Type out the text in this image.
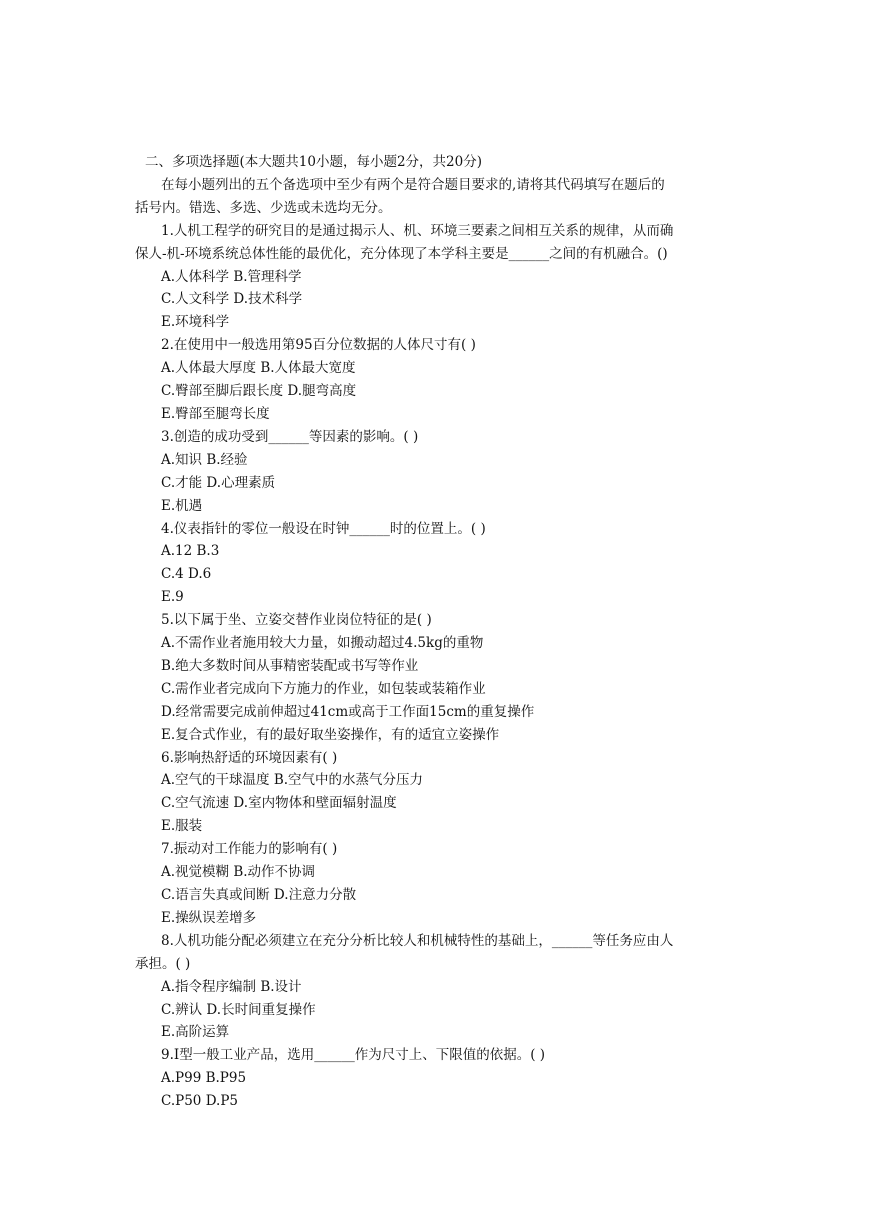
二、多项选择题(本大题共10小题，每小题2分，共20分)
在每小题列出的五个备选项中至少有两个是符合题目要求的,请将其代码填写在题后的
括号内。错选、多选、少选或未选均无分。
1.人机工程学的研究目的是通过揭示人、机、环境三要素之间相互关系的规律，从而确
保人-机-环境系统总体性能的最优化，充分体现了本学科主要是______之间的有机融合。()
A.人体科学 B.管理科学
C.人文科学 D.技术科学
E.环境科学
2.在使用中一般选用第95百分位数据的人体尺寸有( )
A.人体最大厚度 B.人体最大宽度
C.臀部至脚后跟长度 D.腿弯高度
E.臀部至腿弯长度
3.创造的成功受到______等因素的影响。( )
A.知识 B.经验
C.才能 D.心理素质
E.机遇
4.仪表指针的零位一般设在时钟______时的位置上。( )
A.12 B.3
C.4 D.6
E.9
5.以下属于坐、立姿交替作业岗位特征的是( )
A.不需作业者施用较大力量，如搬动超过4.5kg的重物
B.绝大多数时间从事精密装配或书写等作业
C.需作业者完成向下方施力的作业，如包装或装箱作业
D.经常需要完成前伸超过41cm或高于工作面15cm的重复操作
E.复合式作业，有的最好取坐姿操作，有的适宜立姿操作
6.影响热舒适的环境因素有( )
A.空气的干球温度 B.空气中的水蒸气分压力
C.空气流速 D.室内物体和壁面辐射温度
E.服装
7.振动对工作能力的影响有( )
A.视觉模糊 B.动作不协调
C.语言失真或间断 D.注意力分散
E.操纵误差增多
8.人机功能分配必须建立在充分分析比较人和机械特性的基础上，______等任务应由人
承担。( )
A.指令程序编制 B.设计
C.辨认 D.长时间重复操作
E.高阶运算
9.Ⅰ型一般工业产品，选用______作为尺寸上、下限值的依据。( )
A.P99 B.P95
C.P50 D.P5
